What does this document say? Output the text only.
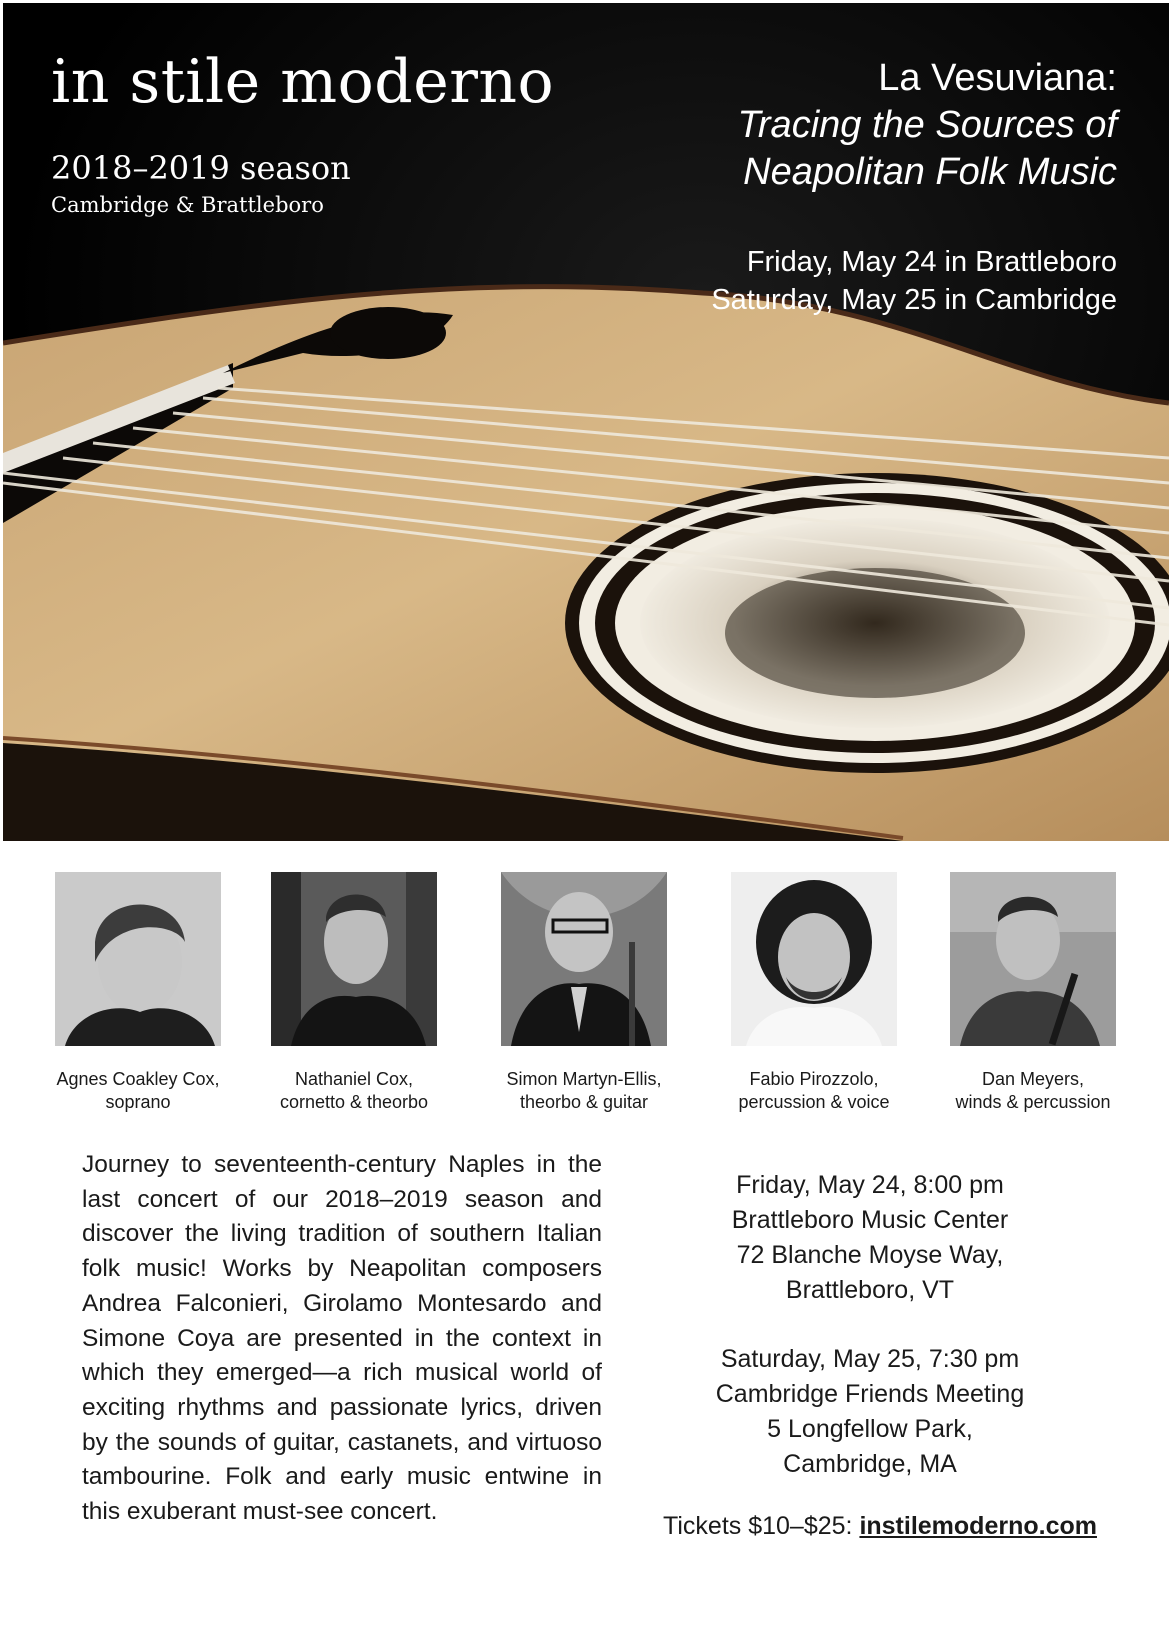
in stile moderno

2018–2019 season

Cambridge & Brattleboro
La Vesuviana:
Tracing the Sources of
Neapolitan Folk Music
Friday, May 24 in Brattleboro
Saturday, May 25 in Cambridge
Agnes Coakley Cox,
soprano
Nathaniel Cox,
cornetto & theorbo
Simon Martyn-Ellis,
theorbo & guitar
Fabio Pirozzolo,
percussion & voice
Dan Meyers,
winds & percussion

Journey to seventeenth-century Naples in the last concert of our 2018–2019 season and discover the living tradition of southern Italian folk music! Works by Neapolitan composers Andrea Falconieri, Girolamo Montesardo and Simone Coya are presented in the context in which they emerged—a rich musical world of exciting rhythms and passionate lyrics, driven by the sounds of guitar, castanets, and virtuoso tambourine. Folk and early music entwine in this exuberant must-see concert.

Friday, May 24, 8:00 pm
Brattleboro Music Center
72 Blanche Moyse Way,
Brattleboro, VT
Saturday, May 25, 7:30 pm
Cambridge Friends Meeting
5 Longfellow Park,
Cambridge, MA
Tickets $10–$25: instilemoderno.com
